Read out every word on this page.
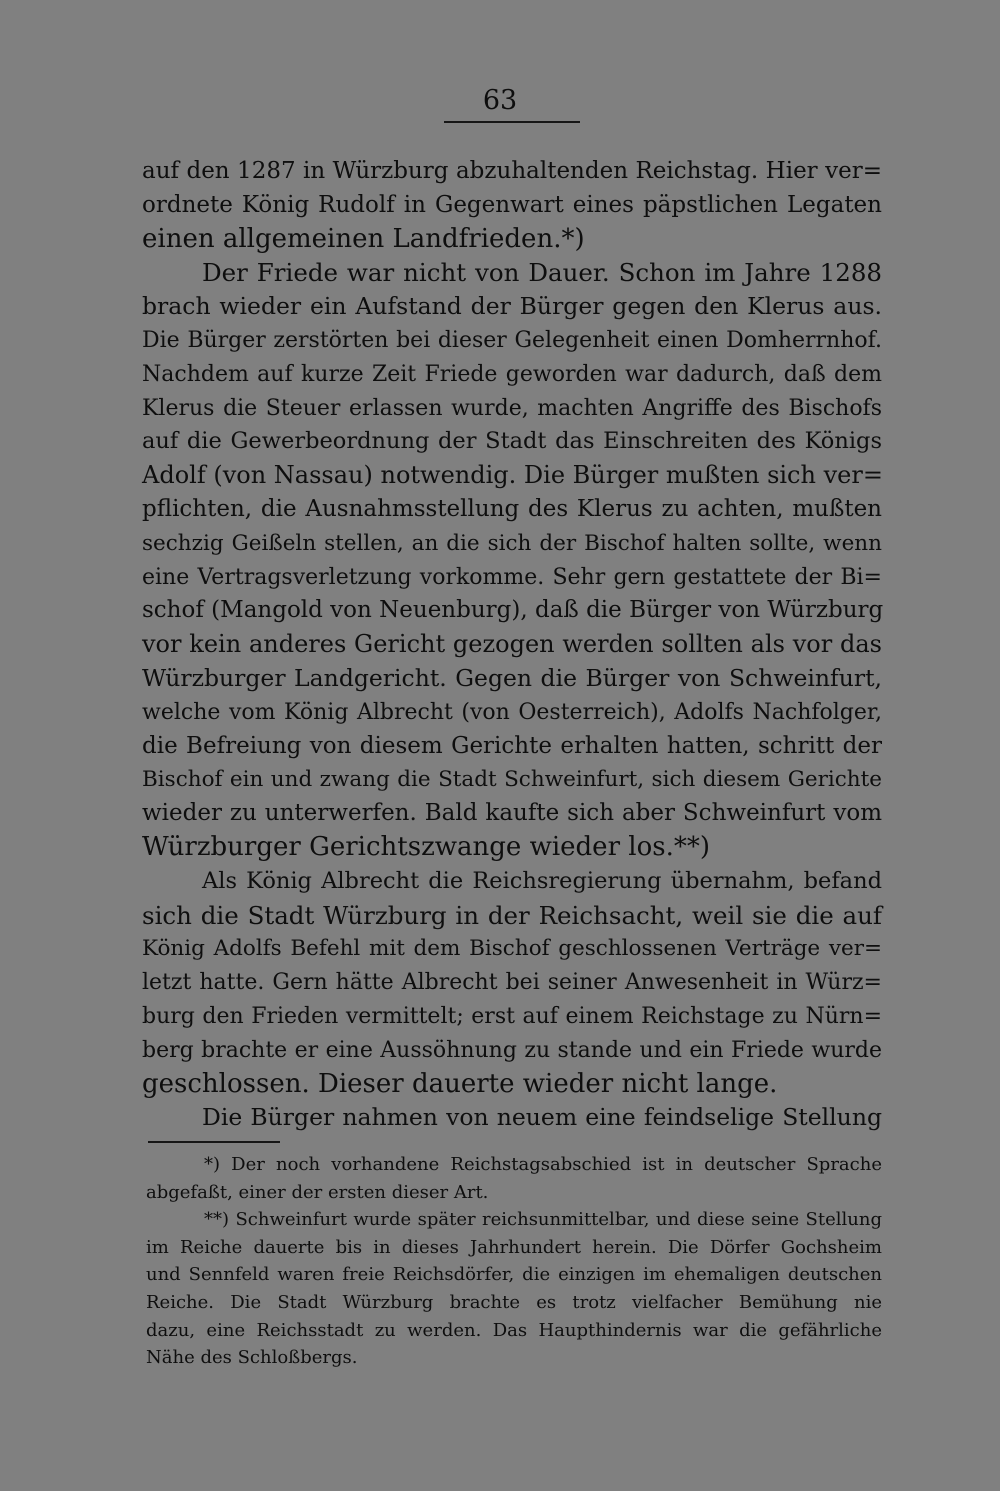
63
auf den 1287 in Würzburg abzuhaltenden Reichstag. Hier ver=
ordnete König Rudolf in Gegenwart eines päpstlichen Legaten
einen allgemeinen Landfrieden.*)
Der Friede war nicht von Dauer. Schon im Jahre 1288
brach wieder ein Aufstand der Bürger gegen den Klerus aus.
Die Bürger zerstörten bei dieser Gelegenheit einen Domherrnhof.
Nachdem auf kurze Zeit Friede geworden war dadurch, daß dem
Klerus die Steuer erlassen wurde, machten Angriffe des Bischofs
auf die Gewerbeordnung der Stadt das Einschreiten des Königs
Adolf (von Nassau) notwendig. Die Bürger mußten sich ver=
pflichten, die Ausnahmsstellung des Klerus zu achten, mußten
sechzig Geißeln stellen, an die sich der Bischof halten sollte, wenn
eine Vertragsverletzung vorkomme. Sehr gern gestattete der Bi=
schof (Mangold von Neuenburg), daß die Bürger von Würzburg
vor kein anderes Gericht gezogen werden sollten als vor das
Würzburger Landgericht. Gegen die Bürger von Schweinfurt,
welche vom König Albrecht (von Oesterreich), Adolfs Nachfolger,
die Befreiung von diesem Gerichte erhalten hatten, schritt der
Bischof ein und zwang die Stadt Schweinfurt, sich diesem Gerichte
wieder zu unterwerfen. Bald kaufte sich aber Schweinfurt vom
Würzburger Gerichtszwange wieder los.**)
Als König Albrecht die Reichsregierung übernahm, befand
sich die Stadt Würzburg in der Reichsacht, weil sie die auf
König Adolfs Befehl mit dem Bischof geschlossenen Verträge ver=
letzt hatte. Gern hätte Albrecht bei seiner Anwesenheit in Würz=
burg den Frieden vermittelt; erst auf einem Reichstage zu Nürn=
berg brachte er eine Aussöhnung zu stande und ein Friede wurde
geschlossen. Dieser dauerte wieder nicht lange.
Die Bürger nahmen von neuem eine feindselige Stellung
*) Der noch vorhandene Reichstagsabschied ist in deutscher Sprache
abgefaßt, einer der ersten dieser Art.
**) Schweinfurt wurde später reichsunmittelbar, und diese seine Stellung
im Reiche dauerte bis in dieses Jahrhundert herein. Die Dörfer Gochsheim
und Sennfeld waren freie Reichsdörfer, die einzigen im ehemaligen deutschen
Reiche. Die Stadt Würzburg brachte es trotz vielfacher Bemühung nie
dazu, eine Reichsstadt zu werden. Das Haupthindernis war die gefährliche
Nähe des Schloßbergs.
